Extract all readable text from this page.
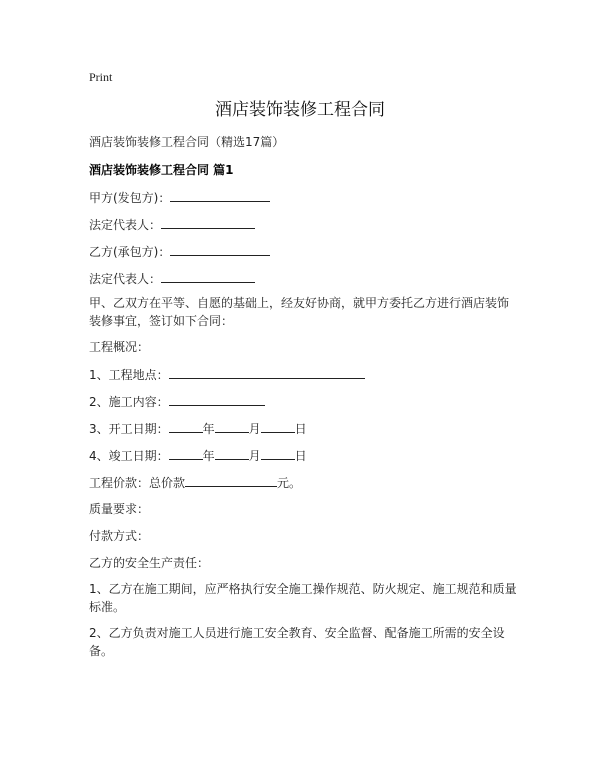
Print
酒店装饰装修工程合同
酒店装饰装修工程合同（精选17篇）
酒店装饰装修工程合同 篇1
甲方(发包方)：
法定代表人：
乙方(承包方)：
法定代表人：
甲、乙双方在平等、自愿的基础上，经友好协商，就甲方委托乙方进行酒店装饰装修事宜，签订如下合同：
工程概况：
1、工程地点：
2、施工内容：
3、开工日期：	年	月	日
4、竣工日期：	年	月	日
工程价款：总价款	元。
质量要求：
付款方式：
乙方的安全生产责任：
1、乙方在施工期间，应严格执行安全施工操作规范、防火规定、施工规范和质量标准。
2、乙方负责对施工人员进行施工安全教育、安全监督、配备施工所需的安全设备。
